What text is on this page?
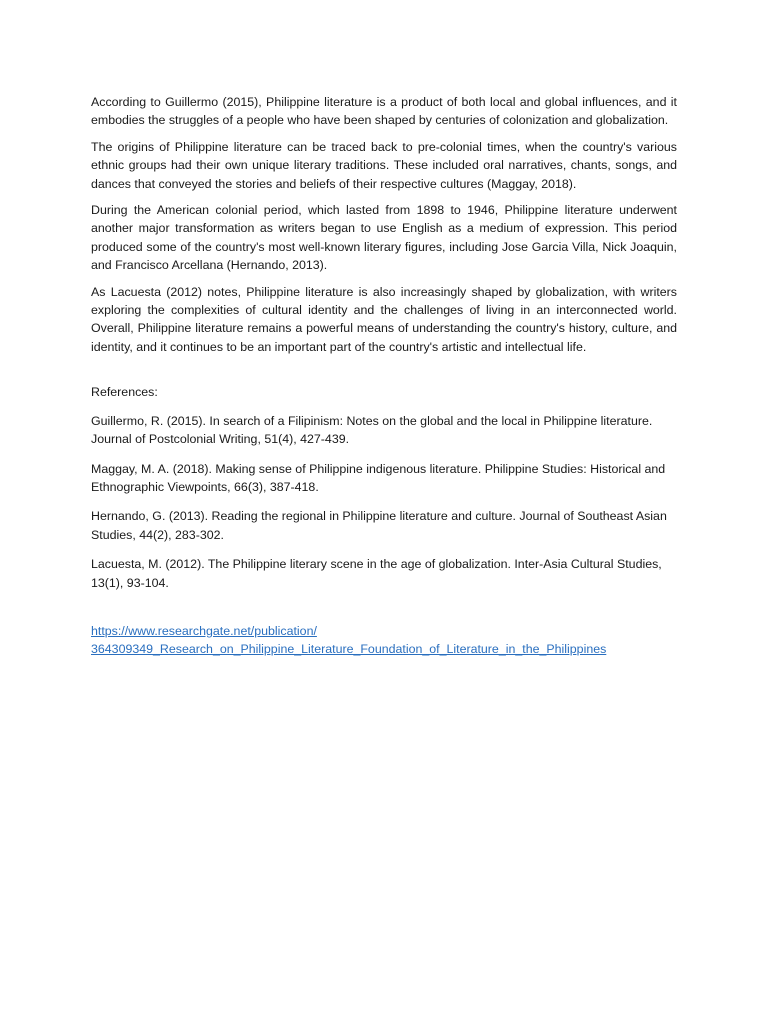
According to Guillermo (2015), Philippine literature is a product of both local and global influences, and it embodies the struggles of a people who have been shaped by centuries of colonization and globalization.

The origins of Philippine literature can be traced back to pre-colonial times, when the country's various ethnic groups had their own unique literary traditions. These included oral narratives, chants, songs, and dances that conveyed the stories and beliefs of their respective cultures (Maggay, 2018).

During the American colonial period, which lasted from 1898 to 1946, Philippine literature underwent another major transformation as writers began to use English as a medium of expression. This period produced some of the country's most well-known literary figures, including Jose Garcia Villa, Nick Joaquin, and Francisco Arcellana (Hernando, 2013).

As Lacuesta (2012) notes, Philippine literature is also increasingly shaped by globalization, with writers exploring the complexities of cultural identity and the challenges of living in an interconnected world. Overall, Philippine literature remains a powerful means of understanding the country's history, culture, and identity, and it continues to be an important part of the country's artistic and intellectual life.

References:

Guillermo, R. (2015). In search of a Filipinism: Notes on the global and the local in Philippine literature. Journal of Postcolonial Writing, 51(4), 427-439.

Maggay, M. A. (2018). Making sense of Philippine indigenous literature. Philippine Studies: Historical and Ethnographic Viewpoints, 66(3), 387-418.

Hernando, G. (2013). Reading the regional in Philippine literature and culture. Journal of Southeast Asian Studies, 44(2), 283-302.

Lacuesta, M. (2012). The Philippine literary scene in the age of globalization. Inter-Asia Cultural Studies, 13(1), 93-104.

https://www.researchgate.net/publication/
364309349_Research_on_Philippine_Literature_Foundation_of_Literature_in_the_Philippines
